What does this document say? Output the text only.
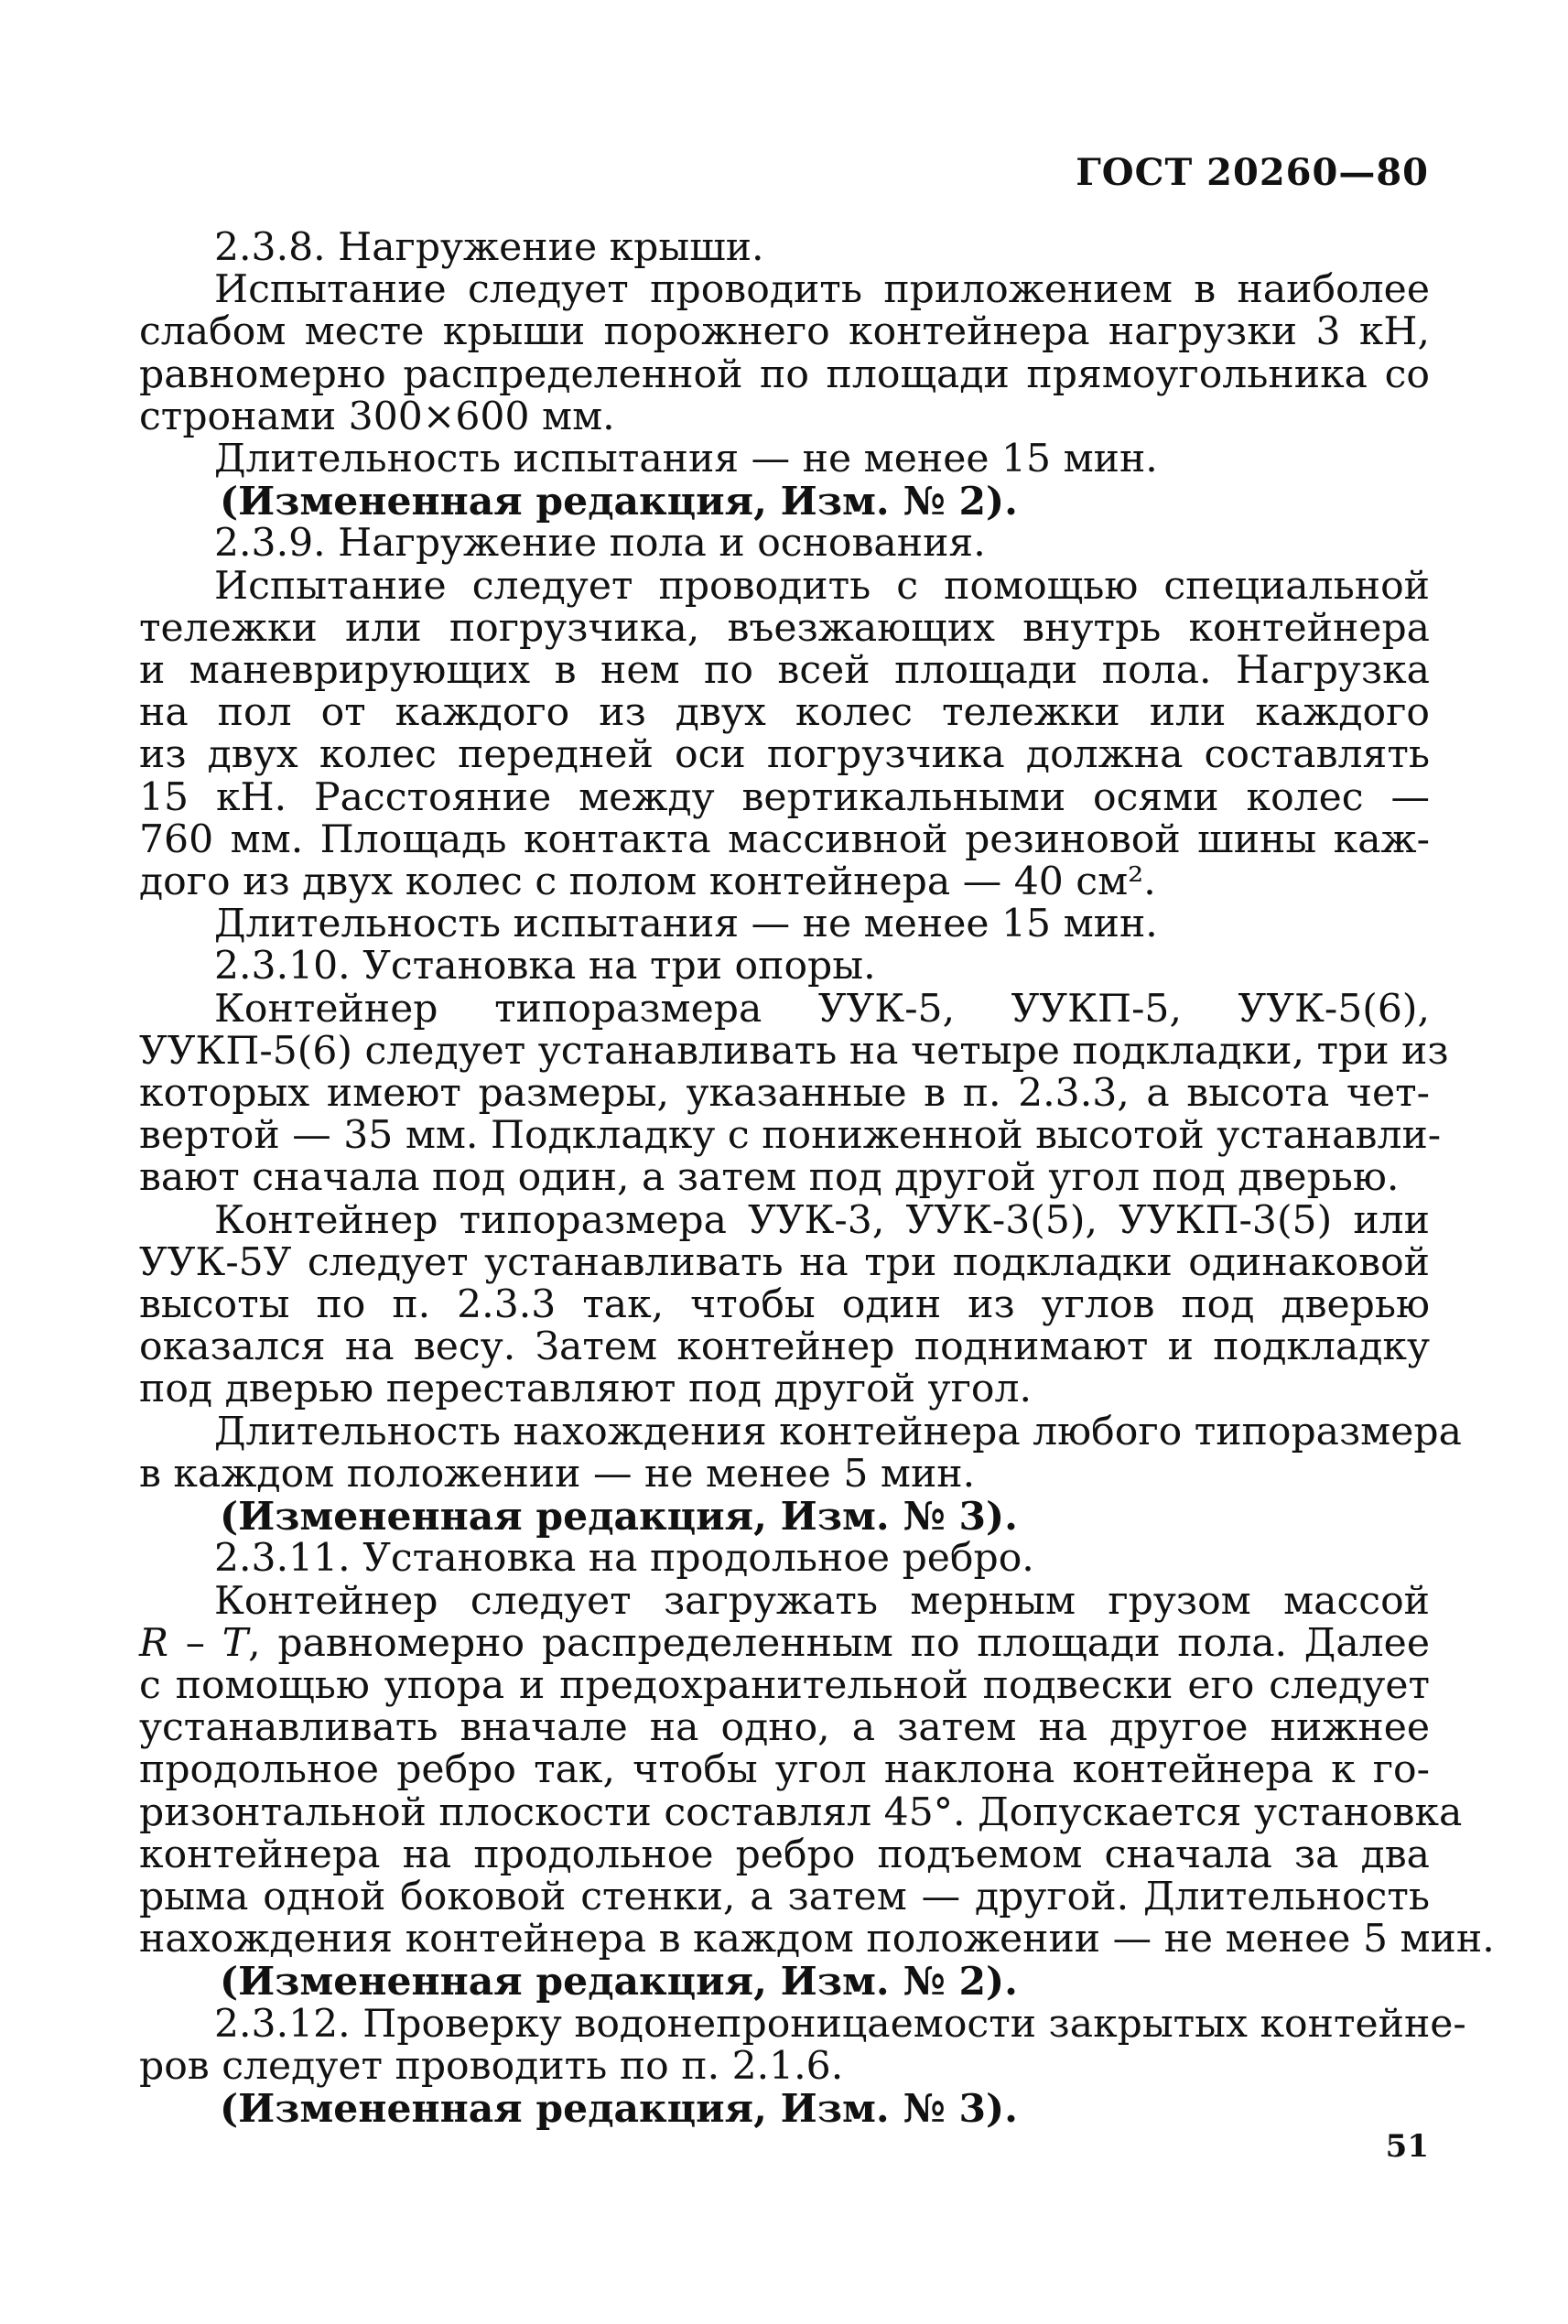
ГОСТ 20260—80
2.3.8. Нагружение крыши.
Испытание следует проводить приложением в наиболее
слабом месте крыши порожнего контейнера нагрузки 3 кН,
равномерно распределенной по площади прямоугольника со
стронами 300×600 мм.
Длительность испытания — не менее 15 мин.
(Измененная редакция, Изм. № 2).
2.3.9. Нагружение пола и основания.
Испытание следует проводить с помощью специальной
тележки или погрузчика, въезжающих внутрь контейнера
и маневрирующих в нем по всей площади пола. Нагрузка
на пол от каждого из двух колес тележки или каждого
из двух колес передней оси погрузчика должна составлять
15 кН. Расстояние между вертикальными осями колес —
760 мм. Площадь контакта массивной резиновой шины каж-
дого из двух колес с полом контейнера — 40 см².
Длительность испытания — не менее 15 мин.
2.3.10. Установка на три опоры.
Контейнер типоразмера УУК-5, УУКП-5, УУК-5(6),
УУКП-5(6) следует устанавливать на четыре подкладки, три из
которых имеют размеры, указанные в п. 2.3.3, а высота чет-
вертой — 35 мм. Подкладку с пониженной высотой устанавли-
вают сначала под один, а затем под другой угол под дверью.
Контейнер типоразмера УУК-3, УУК-3(5), УУКП-3(5) или
УУК-5У следует устанавливать на три подкладки одинаковой
высоты по п. 2.3.3 так, чтобы один из углов под дверью
оказался на весу. Затем контейнер поднимают и подкладку
под дверью переставляют под другой угол.
Длительность нахождения контейнера любого типоразмера
в каждом положении — не менее 5 мин.
(Измененная редакция, Изм. № 3).
2.3.11. Установка на продольное ребро.
Контейнер следует загружать мерным грузом массой
R – T, равномерно распределенным по площади пола. Далее
с помощью упора и предохранительной подвески его следует
устанавливать вначале на одно, а затем на другое нижнее
продольное ребро так, чтобы угол наклона контейнера к го-
ризонтальной плоскости составлял 45°. Допускается установка
контейнера на продольное ребро подъемом сначала за два
рыма одной боковой стенки, а затем — другой. Длительность
нахождения контейнера в каждом положении — не менее 5 мин.
(Измененная редакция, Изм. № 2).
2.3.12. Проверку водонепроницаемости закрытых контейне-
ров следует проводить по п. 2.1.6.
(Измененная редакция, Изм. № 3).
51
